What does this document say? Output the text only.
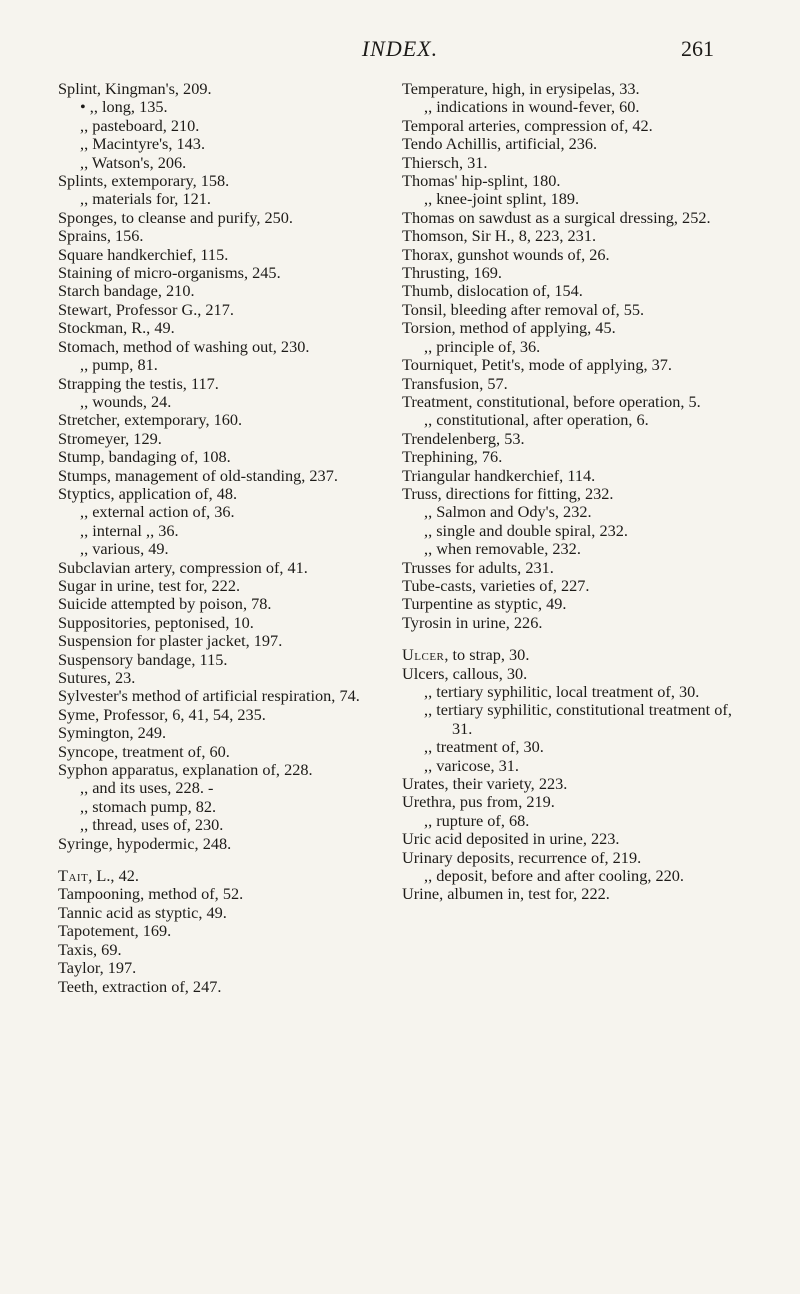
INDEX.	261

Splint, Kingman's, 209.

• ,, long, 135.

,, pasteboard, 210.

,, Macintyre's, 143.

,, Watson's, 206.

Splints, extemporary, 158.

,, materials for, 121.

Sponges, to cleanse and purify, 250.

Sprains, 156.

Square handkerchief, 115.

Staining of micro-organisms, 245.

Starch bandage, 210.

Stewart, Professor G., 217.

Stockman, R., 49.

Stomach, method of washing out, 230.

,, pump, 81.

Strapping the testis, 117.

,, wounds, 24.

Stretcher, extemporary, 160.

Stromeyer, 129.

Stump, bandaging of, 108.

Stumps, management of old-standing, 237.

Styptics, application of, 48.

,, external action of, 36.

,, internal ,, 36.

,, various, 49.

Subclavian artery, compression of, 41.

Sugar in urine, test for, 222.

Suicide attempted by poison, 78.

Suppositories, peptonised, 10.

Suspension for plaster jacket, 197.

Suspensory bandage, 115.

Sutures, 23.

Sylvester's method of artificial respiration, 74.

Syme, Professor, 6, 41, 54, 235.

Symington, 249.

Syncope, treatment of, 60.

Syphon apparatus, explanation of, 228.

,, and its uses, 228. -

,, stomach pump, 82.

,, thread, uses of, 230.

Syringe, hypodermic, 248.

Tait, L., 42.

Tampooning, method of, 52.

Tannic acid as styptic, 49.

Tapotement, 169.

Taxis, 69.

Taylor, 197.

Teeth, extraction of, 247.

Temperature, high, in erysipelas, 33.

,, indications in wound-fever, 60.

Temporal arteries, compression of, 42.

Tendo Achillis, artificial, 236.

Thiersch, 31.

Thomas' hip-splint, 180.

,, knee-joint splint, 189.

Thomas on sawdust as a surgical dressing, 252.

Thomson, Sir H., 8, 223, 231.

Thorax, gunshot wounds of, 26.

Thrusting, 169.

Thumb, dislocation of, 154.

Tonsil, bleeding after removal of, 55.

Torsion, method of applying, 45.

,, principle of, 36.

Tourniquet, Petit's, mode of applying, 37.

Transfusion, 57.

Treatment, constitutional, before operation, 5.

,, constitutional, after operation, 6.

Trendelenberg, 53.

Trephining, 76.

Triangular handkerchief, 114.

Truss, directions for fitting, 232.

,, Salmon and Ody's, 232.

,, single and double spiral, 232.

,, when removable, 232.

Trusses for adults, 231.

Tube-casts, varieties of, 227.

Turpentine as styptic, 49.

Tyrosin in urine, 226.

Ulcer, to strap, 30.

Ulcers, callous, 30.

,, tertiary syphilitic, local treatment of, 30.

,, tertiary syphilitic, constitutional treatment of, 31.

,, treatment of, 30.

,, varicose, 31.

Urates, their variety, 223.

Urethra, pus from, 219.

,, rupture of, 68.

Uric acid deposited in urine, 223.

Urinary deposits, recurrence of, 219.

,, deposit, before and after cooling, 220.

Urine, albumen in, test for, 222.
